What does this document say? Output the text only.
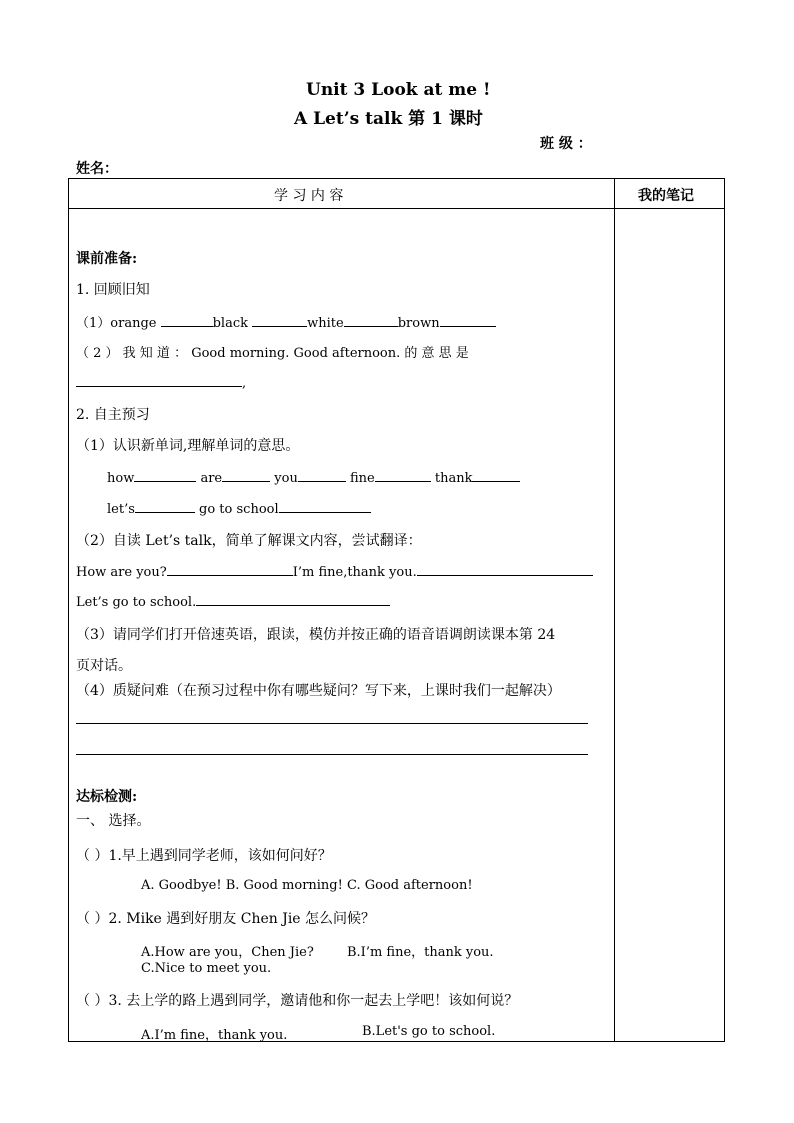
Unit 3 Look at me !
A Let’s talk 第 1 课时
班 级 ：
姓名：
学 习 内 容	我的笔记
课前准备:
1. 回顾旧知
（1）orange	black	white	brown
（ 2 ） 我 知 道 ： Good morning. Good afternoon. 的 意 思 是
,
2. 自主预习
（1）认识新单词,理解单词的意思。
how	are	you	fine	thank
let’s	go to school
（2）自读 Let’s talk，简单了解课文内容，尝试翻译：
How are you?	I’m fine,thank you.
Let’s go to school.
（3）请同学们打开倍速英语，跟读，模仿并按正确的语音语调朗读课本第 24
页对话。
（4）质疑问难（在预习过程中你有哪些疑问？写下来，上课时我们一起解决）
达标检测:
一、 选择。
（ ）1.早上遇到同学老师，该如何问好？
A. Goodbye! B. Good morning! C. Good afternoon!
（ ）2. Mike 遇到好朋友 Chen Jie 怎么问候？
A.How are you，Chen Jie?	B.I’m fine，thank you.
C.Nice to meet you.
（ ）3. 去上学的路上遇到同学，邀请他和你一起去上学吧！该如何说？
A.I’m fine，thank you.	B.Let's go to school.
